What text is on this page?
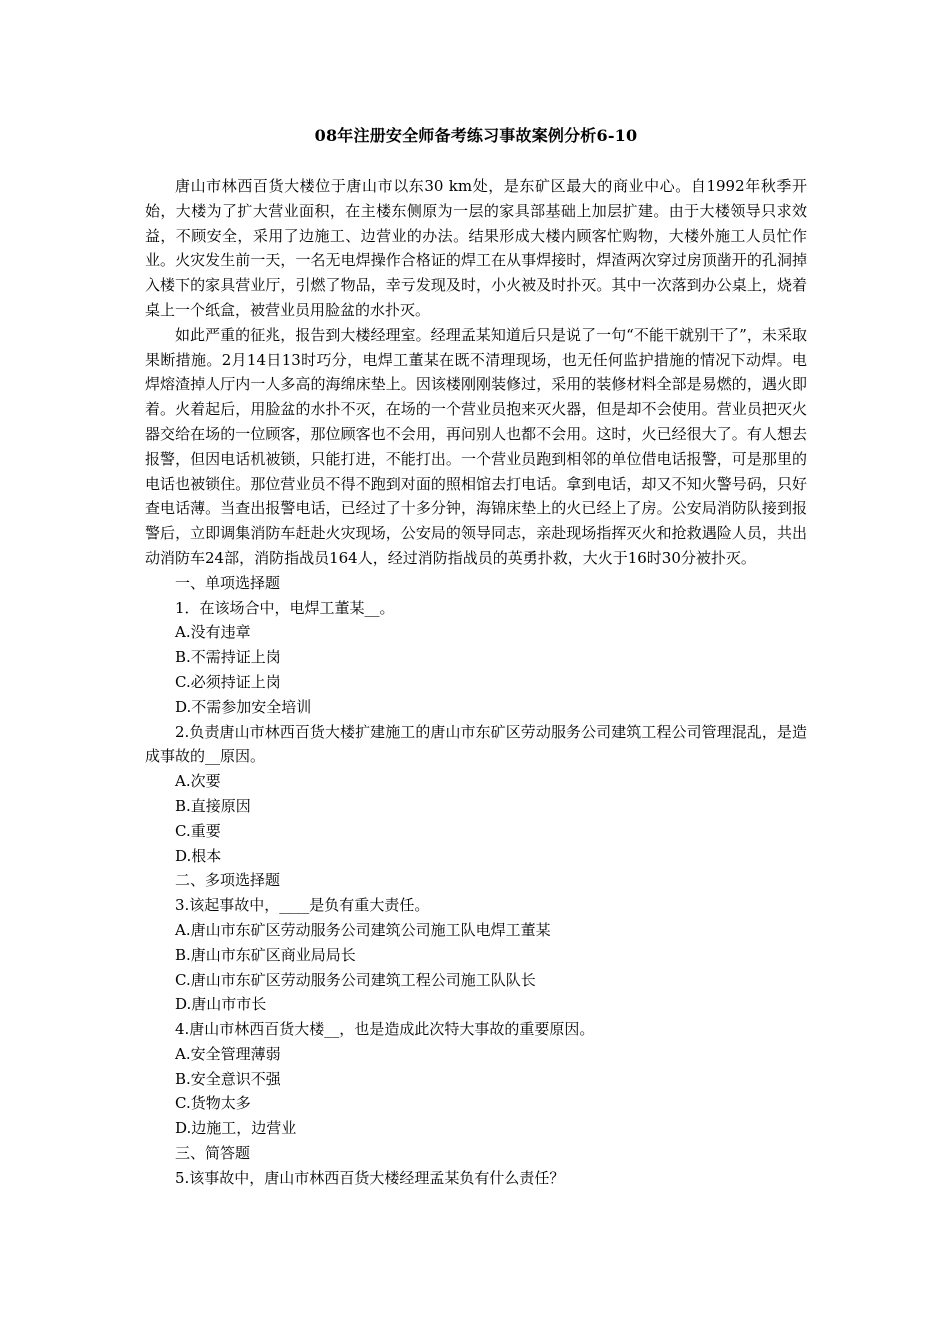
08年注册安全师备考练习事故案例分析6-10

唐山市林西百货大楼位于唐山市以东30 km处，是东矿区最大的商业中心。自1992年秋季开始，大楼为了扩大营业面积，在主楼东侧原为一层的家具部基础上加层扩建。由于大楼领导只求效益，不顾安全，采用了边施工、边营业的办法。结果形成大楼内顾客忙购物，大楼外施工人员忙作业。火灾发生前一天，一名无电焊操作合格证的焊工在从事焊接时，焊渣两次穿过房顶凿开的孔洞掉入楼下的家具营业厅，引燃了物品，幸亏发现及时，小火被及时扑灭。其中一次落到办公桌上，烧着桌上一个纸盒，被营业员用脸盆的水扑灭。

如此严重的征兆，报告到大楼经理室。经理孟某知道后只是说了一句“不能干就别干了”，未采取果断措施。2月14日13时巧分，电焊工董某在既不清理现场，也无任何监护措施的情况下动焊。电焊熔渣掉人厅内一人多高的海绵床垫上。因该楼刚刚装修过，采用的装修材料全部是易燃的，遇火即着。火着起后，用脸盆的水扑不灭，在场的一个营业员抱来灭火器，但是却不会使用。营业员把灭火器交给在场的一位顾客，那位顾客也不会用，再问别人也都不会用。这时，火已经很大了。有人想去报警，但因电话机被锁，只能打进，不能打出。一个营业员跑到相邻的单位借电话报警，可是那里的电话也被锁住。那位营业员不得不跑到对面的照相馆去打电话。拿到电话，却又不知火警号码，只好查电话薄。当查出报警电话，已经过了十多分钟，海锦床垫上的火已经上了房。公安局消防队接到报警后，立即调集消防车赶赴火灾现场，公安局的领导同志，亲赴现场指挥灭火和抢救遇险人员，共出动消防车24部，消防指战员164人，经过消防指战员的英勇扑救，大火于16时30分被扑灭。

一、单项选择题

1．在该场合中，电焊工董某__。

A.没有违章

B.不需持证上岗

C.必须持证上岗

D.不需参加安全培训

2.负责唐山市林西百货大楼扩建施工的唐山市东矿区劳动服务公司建筑工程公司管理混乱，是造成事故的__原因。

A.次要

B.直接原因

C.重要

D.根本

二、多项选择题

3.该起事故中，____是负有重大责任。

A.唐山市东矿区劳动服务公司建筑公司施工队电焊工董某

B.唐山市东矿区商业局局长

C.唐山市东矿区劳动服务公司建筑工程公司施工队队长

D.唐山市市长

4.唐山市林西百货大楼__，也是造成此次特大事故的重要原因。

A.安全管理薄弱

B.安全意识不强

C.货物太多

D.边施工，边营业

三、简答题

5.该事故中，唐山市林西百货大楼经理孟某负有什么责任？
